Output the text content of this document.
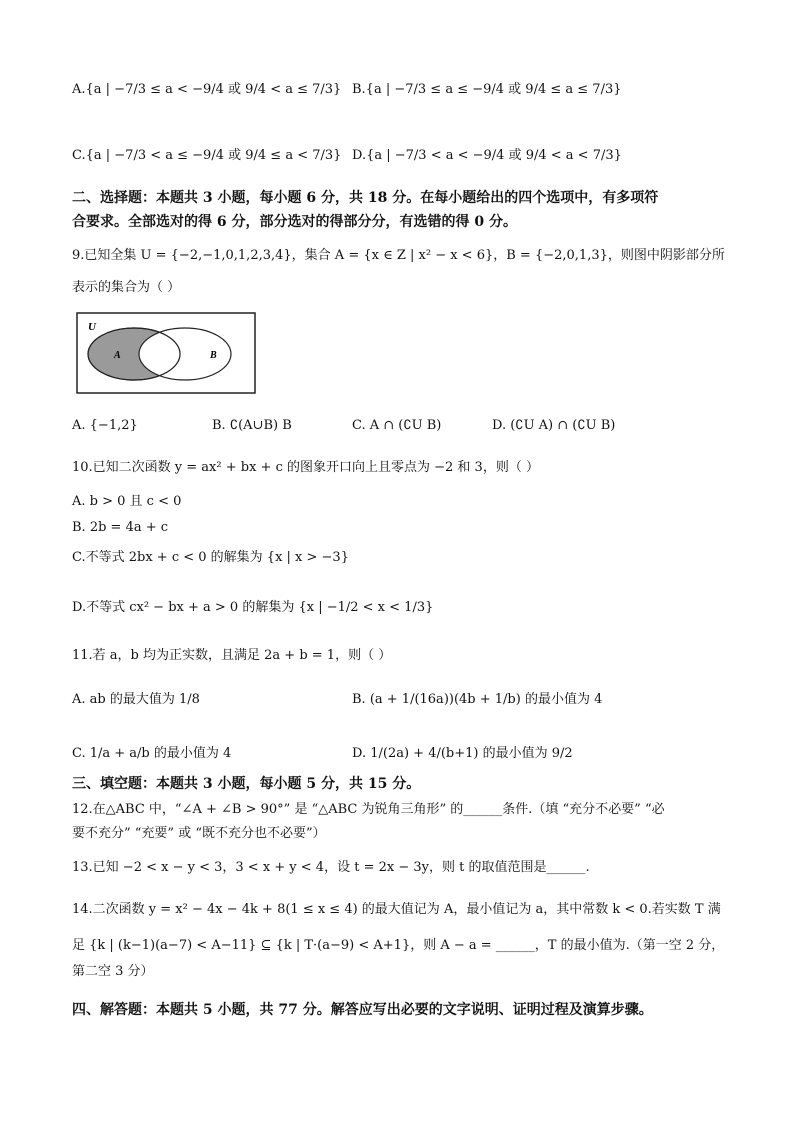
A.{a | −7/3 ≤ a < −9/4 或 9/4 < a ≤ 7/3} B.{a | −7/3 ≤ a ≤ −9/4 或 9/4 ≤ a ≤ 7/3}
C.{a | −7/3 < a ≤ −9/4 或 9/4 ≤ a < 7/3} D.{a | −7/3 < a < −9/4 或 9/4 < a < 7/3}
二、选择题：本题共 3 小题，每小题 6 分，共 18 分。在每小题给出的四个选项中，有多项符
合要求。全部选对的得 6 分，部分选对的得部分分，有选错的得 0 分。
9.已知全集 U = {−2,−1,0,1,2,3,4}，集合 A = {x ∈ Z | x² − x < 6}，B = {−2,0,1,3}，则图中阴影部分所
表示的集合为（ ）
U
A	B
A. {−1,2}	B. ∁(A∪B) B	C. A ∩ (∁U B)	D. (∁U A) ∩ (∁U B)
10.已知二次函数 y = ax² + bx + c 的图象开口向上且零点为 −2 和 3，则（ ）
A. b > 0 且 c < 0
B. 2b = 4a + c
C.不等式 2bx + c < 0 的解集为 {x | x > −3}
D.不等式 cx² − bx + a > 0 的解集为 {x | −1/2 < x < 1/3}
11.若 a，b 均为正实数，且满足 2a + b = 1，则（ ）
A. ab 的最大值为 1/8	B. (a + 1/(16a))(4b + 1/b) 的最小值为 4
C. 1/a + a/b 的最小值为 4	D. 1/(2a) + 4/(b+1) 的最小值为 9/2
三、填空题：本题共 3 小题，每小题 5 分，共 15 分。
12.在△ABC 中，“∠A + ∠B > 90°” 是 “△ABC 为锐角三角形” 的______条件.（填 “充分不必要” “必
要不充分” “充要” 或 “既不充分也不必要”）
13.已知 −2 < x − y < 3，3 < x + y < 4，设 t = 2x − 3y，则 t 的取值范围是______.
14.二次函数 y = x² − 4x − 4k + 8(1 ≤ x ≤ 4) 的最大值记为 A，最小值记为 a，其中常数 k < 0.若实数 T 满
足 {k | (k−1)(a−7) < A−11} ⊆ {k | T·(a−9) < A+1}，则 A − a = ______，T 的最小值为.（第一空 2 分，
第二空 3 分）
四、解答题：本题共 5 小题，共 77 分。解答应写出必要的文字说明、证明过程及演算步骤。
